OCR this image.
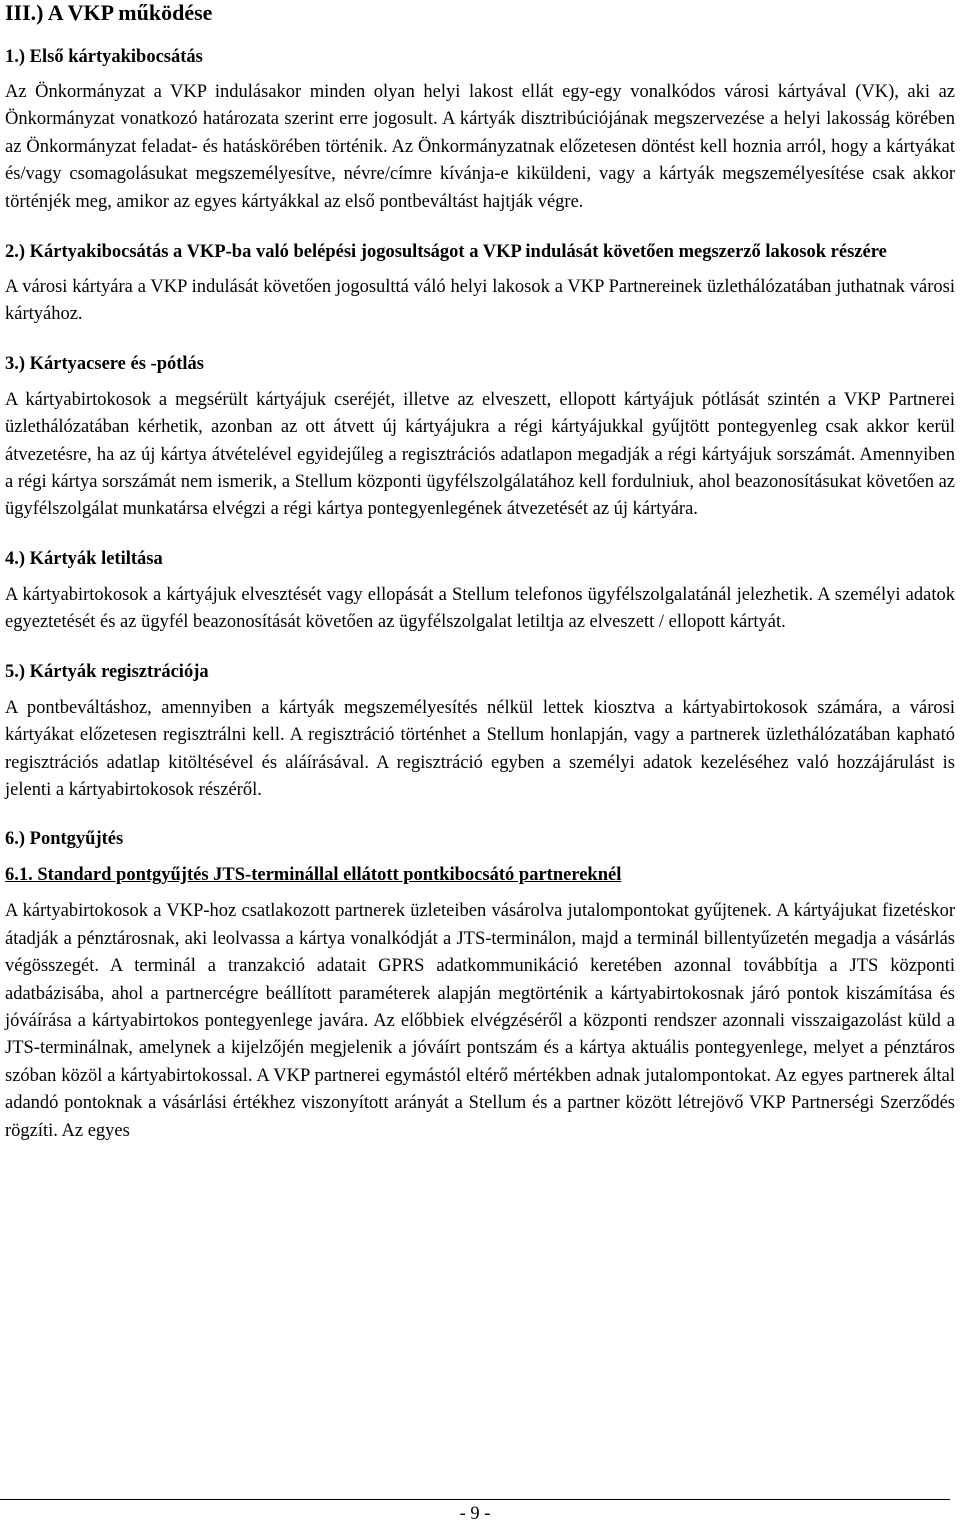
III.) A VKP működése
1.) Első kártyakibocsátás

Az Önkormányzat a VKP indulásakor minden olyan helyi lakost ellát egy-egy vonalkódos városi kártyával (VK), aki az Önkormányzat vonatkozó határozata szerint erre jogosult. A kártyák disztribúciójának megszervezése a helyi lakosság körében az Önkormányzat feladat- és hatáskörében történik. Az Önkormányzatnak előzetesen döntést kell hoznia arról, hogy a kártyákat és/vagy csomagolásukat megszemélyesítve, névre/címre kívánja-e kiküldeni, vagy a kártyák megszemélyesítése csak akkor történjék meg, amikor az egyes kártyákkal az első pontbeváltást hajtják végre.

2.) Kártyakibocsátás a VKP-ba való belépési jogosultságot a VKP indulását követően megszerző lakosok részére

A városi kártyára a VKP indulását követően jogosulttá váló helyi lakosok a VKP Partnereinek üzlethálózatában juthatnak városi kártyához.

3.) Kártyacsere és -pótlás

A kártyabirtokosok a megsérült kártyájuk cseréjét, illetve az elveszett, ellopott kártyájuk pótlását szintén a VKP Partnerei üzlethálózatában kérhetik, azonban az ott átvett új kártyájukra a régi kártyájukkal gyűjtött pontegyenleg csak akkor kerül átvezetésre, ha az új kártya átvételével egyidejűleg a regisztrációs adatlapon megadják a régi kártyájuk sorszámát. Amennyiben a régi kártya sorszámát nem ismerik, a Stellum központi ügyfélszolgálatához kell fordulniuk, ahol beazonosításukat követően az ügyfélszolgálat munkatársa elvégzi a régi kártya pontegyenlegének átvezetését az új kártyára.

4.) Kártyák letiltása

A kártyabirtokosok a kártyájuk elvesztését vagy ellopását a Stellum telefonos ügyfélszolgalatánál jelezhetik. A személyi adatok egyeztetését és az ügyfél beazonosítását követően az ügyfélszolgalat letiltja az elveszett / ellopott kártyát.

5.) Kártyák regisztrációja

A pontbeváltáshoz, amennyiben a kártyák megszemélyesítés nélkül lettek kiosztva a kártyabirtokosok számára, a városi kártyákat előzetesen regisztrálni kell. A regisztráció történhet a Stellum honlapján, vagy a partnerek üzlethálózatában kapható regisztrációs adatlap kitöltésével és aláírásával. A regisztráció egyben a személyi adatok kezeléséhez való hozzájárulást is jelenti a kártyabirtokosok részéről.

6.) Pontgyűjtés
6.1. Standard pontgyűjtés JTS-terminállal ellátott pontkibocsátó partnereknél

A kártyabirtokosok a VKP-hoz csatlakozott partnerek üzleteiben vásárolva jutalompontokat gyűjtenek. A kártyájukat fizetéskor átadják a pénztárosnak, aki leolvassa a kártya vonalkódját a JTS-terminálon, majd a terminál billentyűzetén megadja a vásárlás végösszegét. A terminál a tranzakció adatait GPRS adatkommunikáció keretében azonnal továbbítja a JTS központi adatbázisába, ahol a partnercégre beállított paraméterek alapján megtörténik a kártyabirtokosnak járó pontok kiszámítása és jóváírása a kártyabirtokos pontegyenlege javára. Az előbbiek elvégzéséről a központi rendszer azonnali visszaigazolást küld a JTS-terminálnak, amelynek a kijelzőjén megjelenik a jóváírt pontszám és a kártya aktuális pontegyenlege, melyet a pénztáros szóban közöl a kártyabirtokossal. A VKP partnerei egymástól eltérő mértékben adnak jutalompontokat. Az egyes partnerek által adandó pontoknak a vásárlási értékhez viszonyított arányát a Stellum és a partner között létrejövő VKP Partnerségi Szerződés rögzíti. Az egyes

- 9 -
